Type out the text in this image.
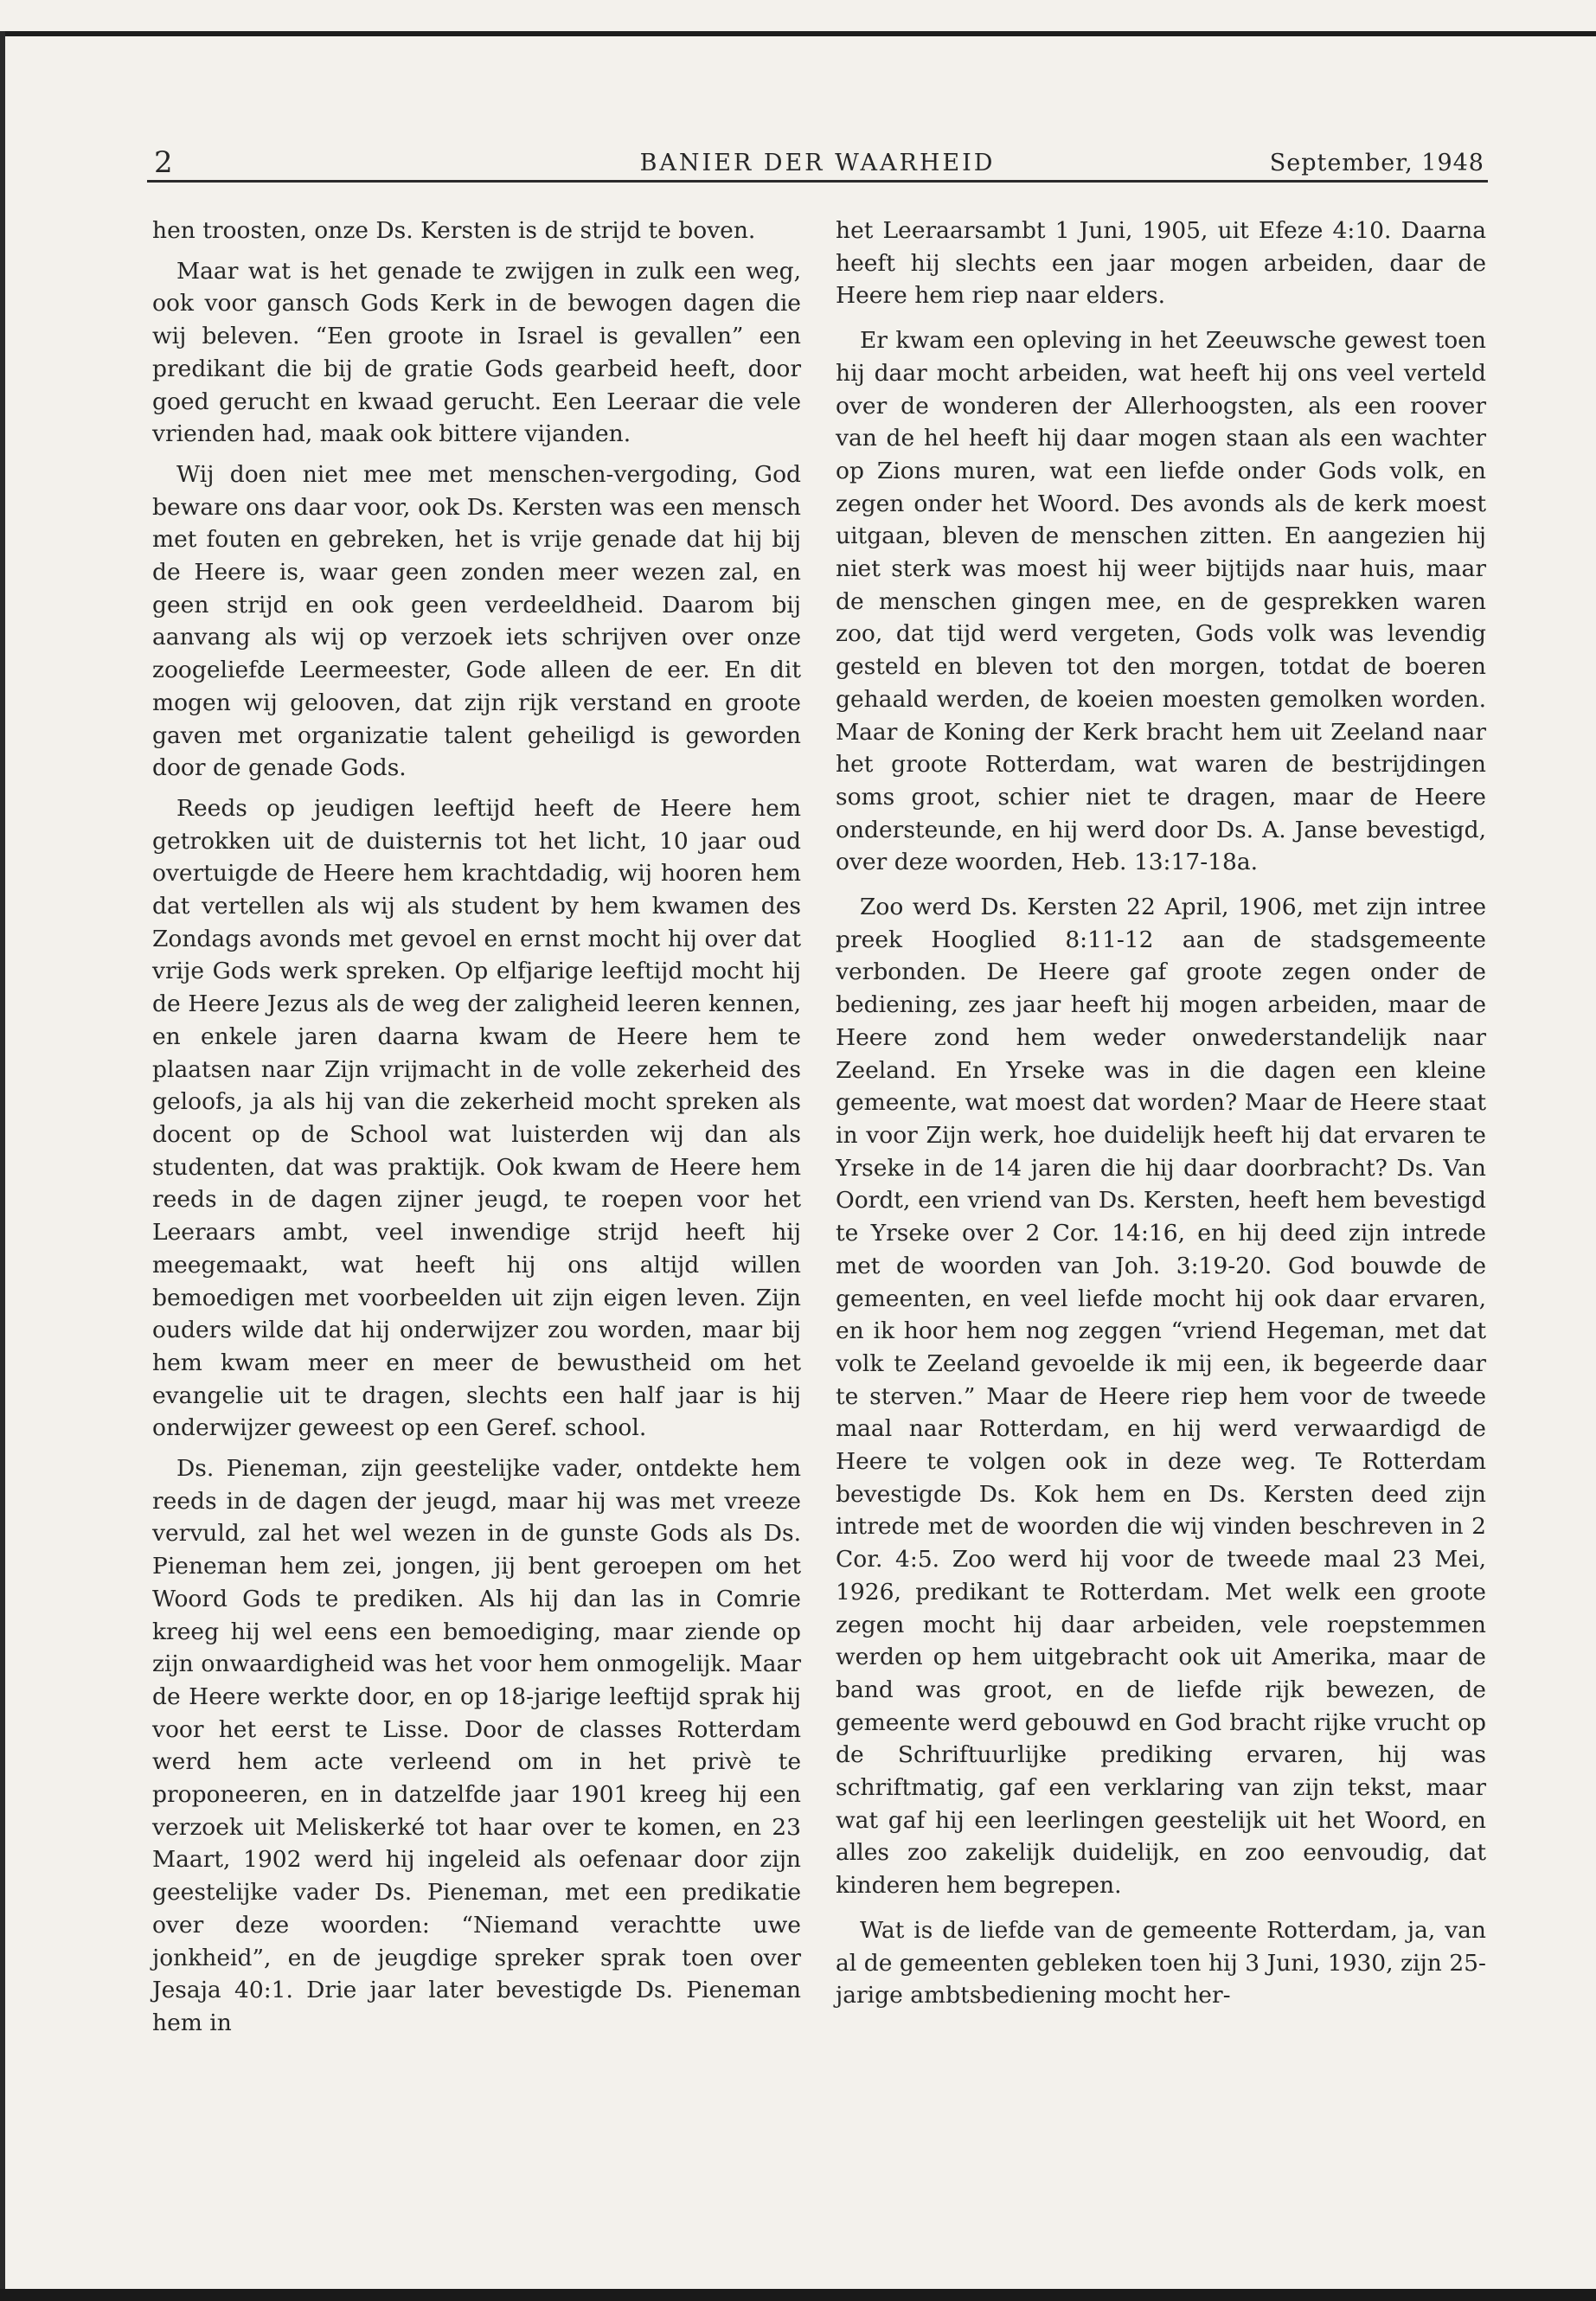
2	BANIER DER WAARHEID	September, 1948

hen troosten, onze Ds. Kersten is de strijd te boven.

Maar wat is het genade te zwijgen in zulk een weg, ook voor gansch Gods Kerk in de bewogen dagen die wij beleven. “Een groote in Israel is gevallen” een predikant die bij de gratie Gods gearbeid heeft, door goed gerucht en kwaad gerucht. Een Leeraar die vele vrienden had, maak ook bittere vijanden.

Wij doen niet mee met menschen-vergoding, God beware ons daar voor, ook Ds. Kersten was een mensch met fouten en gebreken, het is vrije genade dat hij bij de Heere is, waar geen zonden meer wezen zal, en geen strijd en ook geen verdeeldheid. Daarom bij aanvang als wij op verzoek iets schrijven over onze zoogeliefde Leermeester, Gode alleen de eer. En dit mogen wij gelooven, dat zijn rijk verstand en groote gaven met organizatie talent geheiligd is geworden door de genade Gods.

Reeds op jeudigen leeftijd heeft de Heere hem getrokken uit de duisternis tot het licht, 10 jaar oud overtuigde de Heere hem krachtdadig, wij hooren hem dat vertellen als wij als student by hem kwamen des Zondags avonds met gevoel en ernst mocht hij over dat vrije Gods werk spreken. Op elfjarige leeftijd mocht hij de Heere Jezus als de weg der zaligheid leeren kennen, en enkele jaren daarna kwam de Heere hem te plaatsen naar Zijn vrijmacht in de volle zekerheid des geloofs, ja als hij van die zekerheid mocht spreken als docent op de School wat luisterden wij dan als studenten, dat was praktijk. Ook kwam de Heere hem reeds in de dagen zijner jeugd, te roepen voor het Leeraars ambt, veel inwendige strijd heeft hij meegemaakt, wat heeft hij ons altijd willen bemoedigen met voorbeelden uit zijn eigen leven. Zijn ouders wilde dat hij onderwijzer zou worden, maar bij hem kwam meer en meer de bewustheid om het evangelie uit te dragen, slechts een half jaar is hij onderwijzer geweest op een Geref. school.

Ds. Pieneman, zijn geestelijke vader, ontdekte hem reeds in de dagen der jeugd, maar hij was met vreeze vervuld, zal het wel wezen in de gunste Gods als Ds. Pieneman hem zei, jongen, jij bent geroepen om het Woord Gods te prediken. Als hij dan las in Comrie kreeg hij wel eens een bemoediging, maar ziende op zijn onwaardigheid was het voor hem onmogelijk. Maar de Heere werkte door, en op 18-jarige leeftijd sprak hij voor het eerst te Lisse. Door de classes Rotterdam werd hem acte verleend om in het privè te proponeeren, en in datzelfde jaar 1901 kreeg hij een verzoek uit Meliskerké tot haar over te komen, en 23 Maart, 1902 werd hij ingeleid als oefenaar door zijn geestelijke vader Ds. Pieneman, met een predikatie over deze woorden: “Niemand verachtte uwe jonkheid”, en de jeugdige spreker sprak toen over Jesaja 40:1. Drie jaar later bevestigde Ds. Pieneman hem in

het Leeraarsambt 1 Juni, 1905, uit Efeze 4:10. Daarna heeft hij slechts een jaar mogen arbeiden, daar de Heere hem riep naar elders.

Er kwam een opleving in het Zeeuwsche gewest toen hij daar mocht arbeiden, wat heeft hij ons veel verteld over de wonderen der Allerhoogsten, als een roover van de hel heeft hij daar mogen staan als een wachter op Zions muren, wat een liefde onder Gods volk, en zegen onder het Woord. Des avonds als de kerk moest uitgaan, bleven de menschen zitten. En aangezien hij niet sterk was moest hij weer bijtijds naar huis, maar de menschen gingen mee, en de gesprekken waren zoo, dat tijd werd vergeten, Gods volk was levendig gesteld en bleven tot den morgen, totdat de boeren gehaald werden, de koeien moesten gemolken worden. Maar de Koning der Kerk bracht hem uit Zeeland naar het groote Rotterdam, wat waren de bestrijdingen soms groot, schier niet te dragen, maar de Heere ondersteunde, en hij werd door Ds. A. Janse bevestigd, over deze woorden, Heb. 13:17-18a.

Zoo werd Ds. Kersten 22 April, 1906, met zijn intree preek Hooglied 8:11-12 aan de stadsgemeente verbonden. De Heere gaf groote zegen onder de bediening, zes jaar heeft hij mogen arbeiden, maar de Heere zond hem weder onwederstandelijk naar Zeeland. En Yrseke was in die dagen een kleine gemeente, wat moest dat worden? Maar de Heere staat in voor Zijn werk, hoe duidelijk heeft hij dat ervaren te Yrseke in de 14 jaren die hij daar doorbracht? Ds. Van Oordt, een vriend van Ds. Kersten, heeft hem bevestigd te Yrseke over 2 Cor. 14:16, en hij deed zijn intrede met de woorden van Joh. 3:19-20. God bouwde de gemeenten, en veel liefde mocht hij ook daar ervaren, en ik hoor hem nog zeggen “vriend Hegeman, met dat volk te Zeeland gevoelde ik mij een, ik begeerde daar te sterven.” Maar de Heere riep hem voor de tweede maal naar Rotterdam, en hij werd verwaardigd de Heere te volgen ook in deze weg. Te Rotterdam bevestigde Ds. Kok hem en Ds. Kersten deed zijn intrede met de woorden die wij vinden beschreven in 2 Cor. 4:5. Zoo werd hij voor de tweede maal 23 Mei, 1926, predikant te Rotterdam. Met welk een groote zegen mocht hij daar arbeiden, vele roepstemmen werden op hem uitgebracht ook uit Amerika, maar de band was groot, en de liefde rijk bewezen, de gemeente werd gebouwd en God bracht rijke vrucht op de Schriftuurlijke prediking ervaren, hij was schriftmatig, gaf een verklaring van zijn tekst, maar wat gaf hij een leerlingen geestelijk uit het Woord, en alles zoo zakelijk duidelijk, en zoo eenvoudig, dat kinderen hem begrepen.

Wat is de liefde van de gemeente Rotterdam, ja, van al de gemeenten gebleken toen hij 3 Juni, 1930, zijn 25-jarige ambtsbediening mocht her-
